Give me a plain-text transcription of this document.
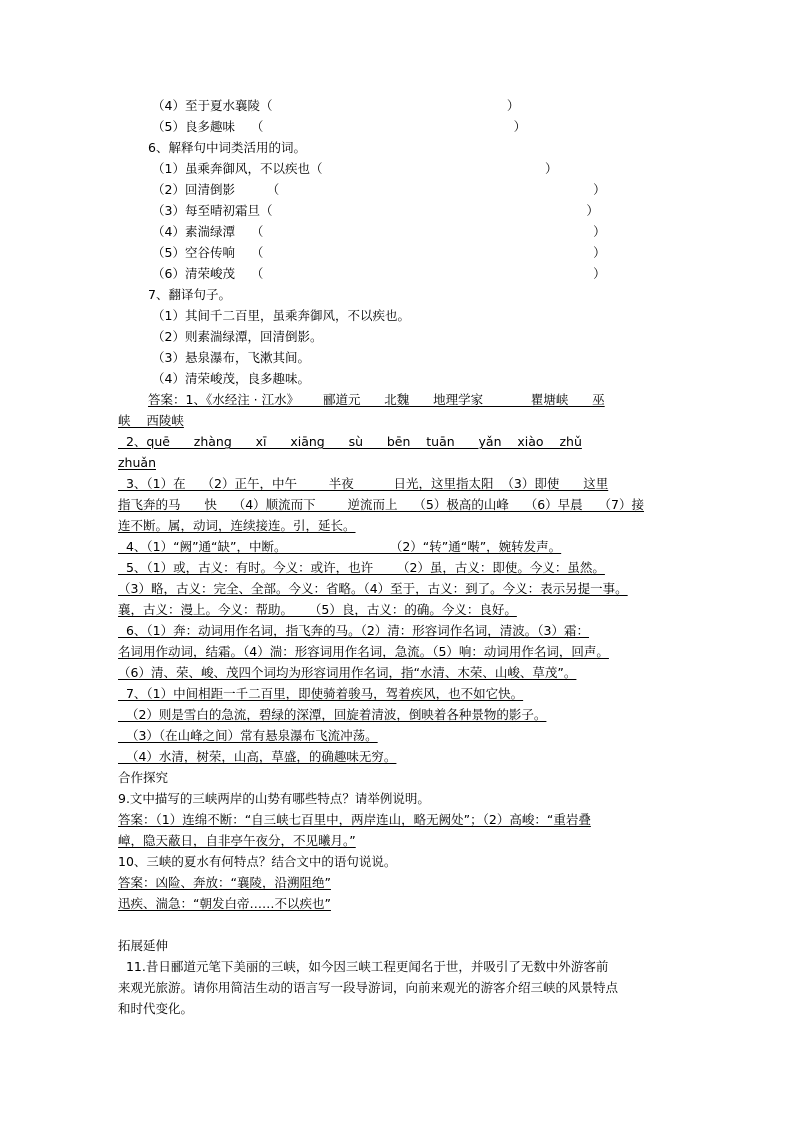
（4）至于夏水襄陵（                                                           ）
（5）良多趣味    （                                                               ）
6、解释句中词类活用的词。
（1）虽乘奔御风，不以疾也（                                                        ）
（2）回清倒影        （                                                                               ）
（3）每至晴初霜旦（                                                                               ）
（4）素湍绿潭    （                                                                                   ）
（5）空谷传响    （                                                                                   ）
（6）清荣峻茂    （                                                                                   ）
7、翻译句子。
（1）其间千二百里，虽乘奔御风，不以疾也。
（2）则素湍绿潭，回清倒影。
（3）悬泉瀑布，飞漱其间。
（4）清荣峻茂，良多趣味。
答案：1、《水经注 · 江水》      郦道元      北魏      地理学家            瞿塘峡      巫
峡    西陵峡
2、quē      zhàng      xī      xiāng      sù      bēn    tuān      yǎn    xiào    zhǔ
zhuǎn
3、（1）在    （2）正午，中午        半夜          日光，这里指太阳  （3）即使      这里
指飞奔的马      快    （4）顺流而下        逆流而上    （5）极高的山峰    （6）早晨    （7）接
连不断。属，动词，连续接连。引，延长。
4、（1）“阙”通“缺”，中断。                          （2）“转”通“啭”，婉转发声。
5、（1）或，古义：有时。今义：或许，也许      （2）虽，古义：即使。今义：虽然。
（3）略，古义：完全、全部。今义：省略。（4）至于，古义：到了。今义：表示另提一事。
襄，古义：漫上。今义：帮助。    （5）良，古义：的确。今义：良好。
6、（1）奔：动词用作名词，指飞奔的马。（2）清：形容词作名词，清波。（3）霜：
名词用作动词，结霜。（4）湍：形容词用作名词，急流。（5）响：动词用作名词，回声。
（6）清、荣、峻、茂四个词均为形容词用作名词，指“水清、木荣、山峻、草茂”。
7、（1）中间相距一千二百里，即使骑着骏马，驾着疾风，也不如它快。
（2）则是雪白的急流，碧绿的深潭，回旋着清波，倒映着各种景物的影子。
（3）（在山峰之间）常有悬泉瀑布飞流冲荡。
（4）水清，树荣，山高，草盛，的确趣味无穷。
合作探究
9.文中描写的三峡两岸的山势有哪些特点？请举例说明。
答案：（1）连绵不断：“自三峡七百里中，两岸连山，略无阙处”；（2）高峻：“重岩叠
嶂，隐天蔽日，自非亭午夜分，不见曦月。”
10、三峡的夏水有何特点？结合文中的语句说说。
答案：凶险、奔放：“襄陵，沿溯阻绝”
迅疾、湍急：“朝发白帝……不以疾也”
拓展延伸
11.昔日郦道元笔下美丽的三峡，如今因三峡工程更闻名于世，并吸引了无数中外游客前
来观光旅游。请你用简洁生动的语言写一段导游词，向前来观光的游客介绍三峡的风景特点
和时代变化。
